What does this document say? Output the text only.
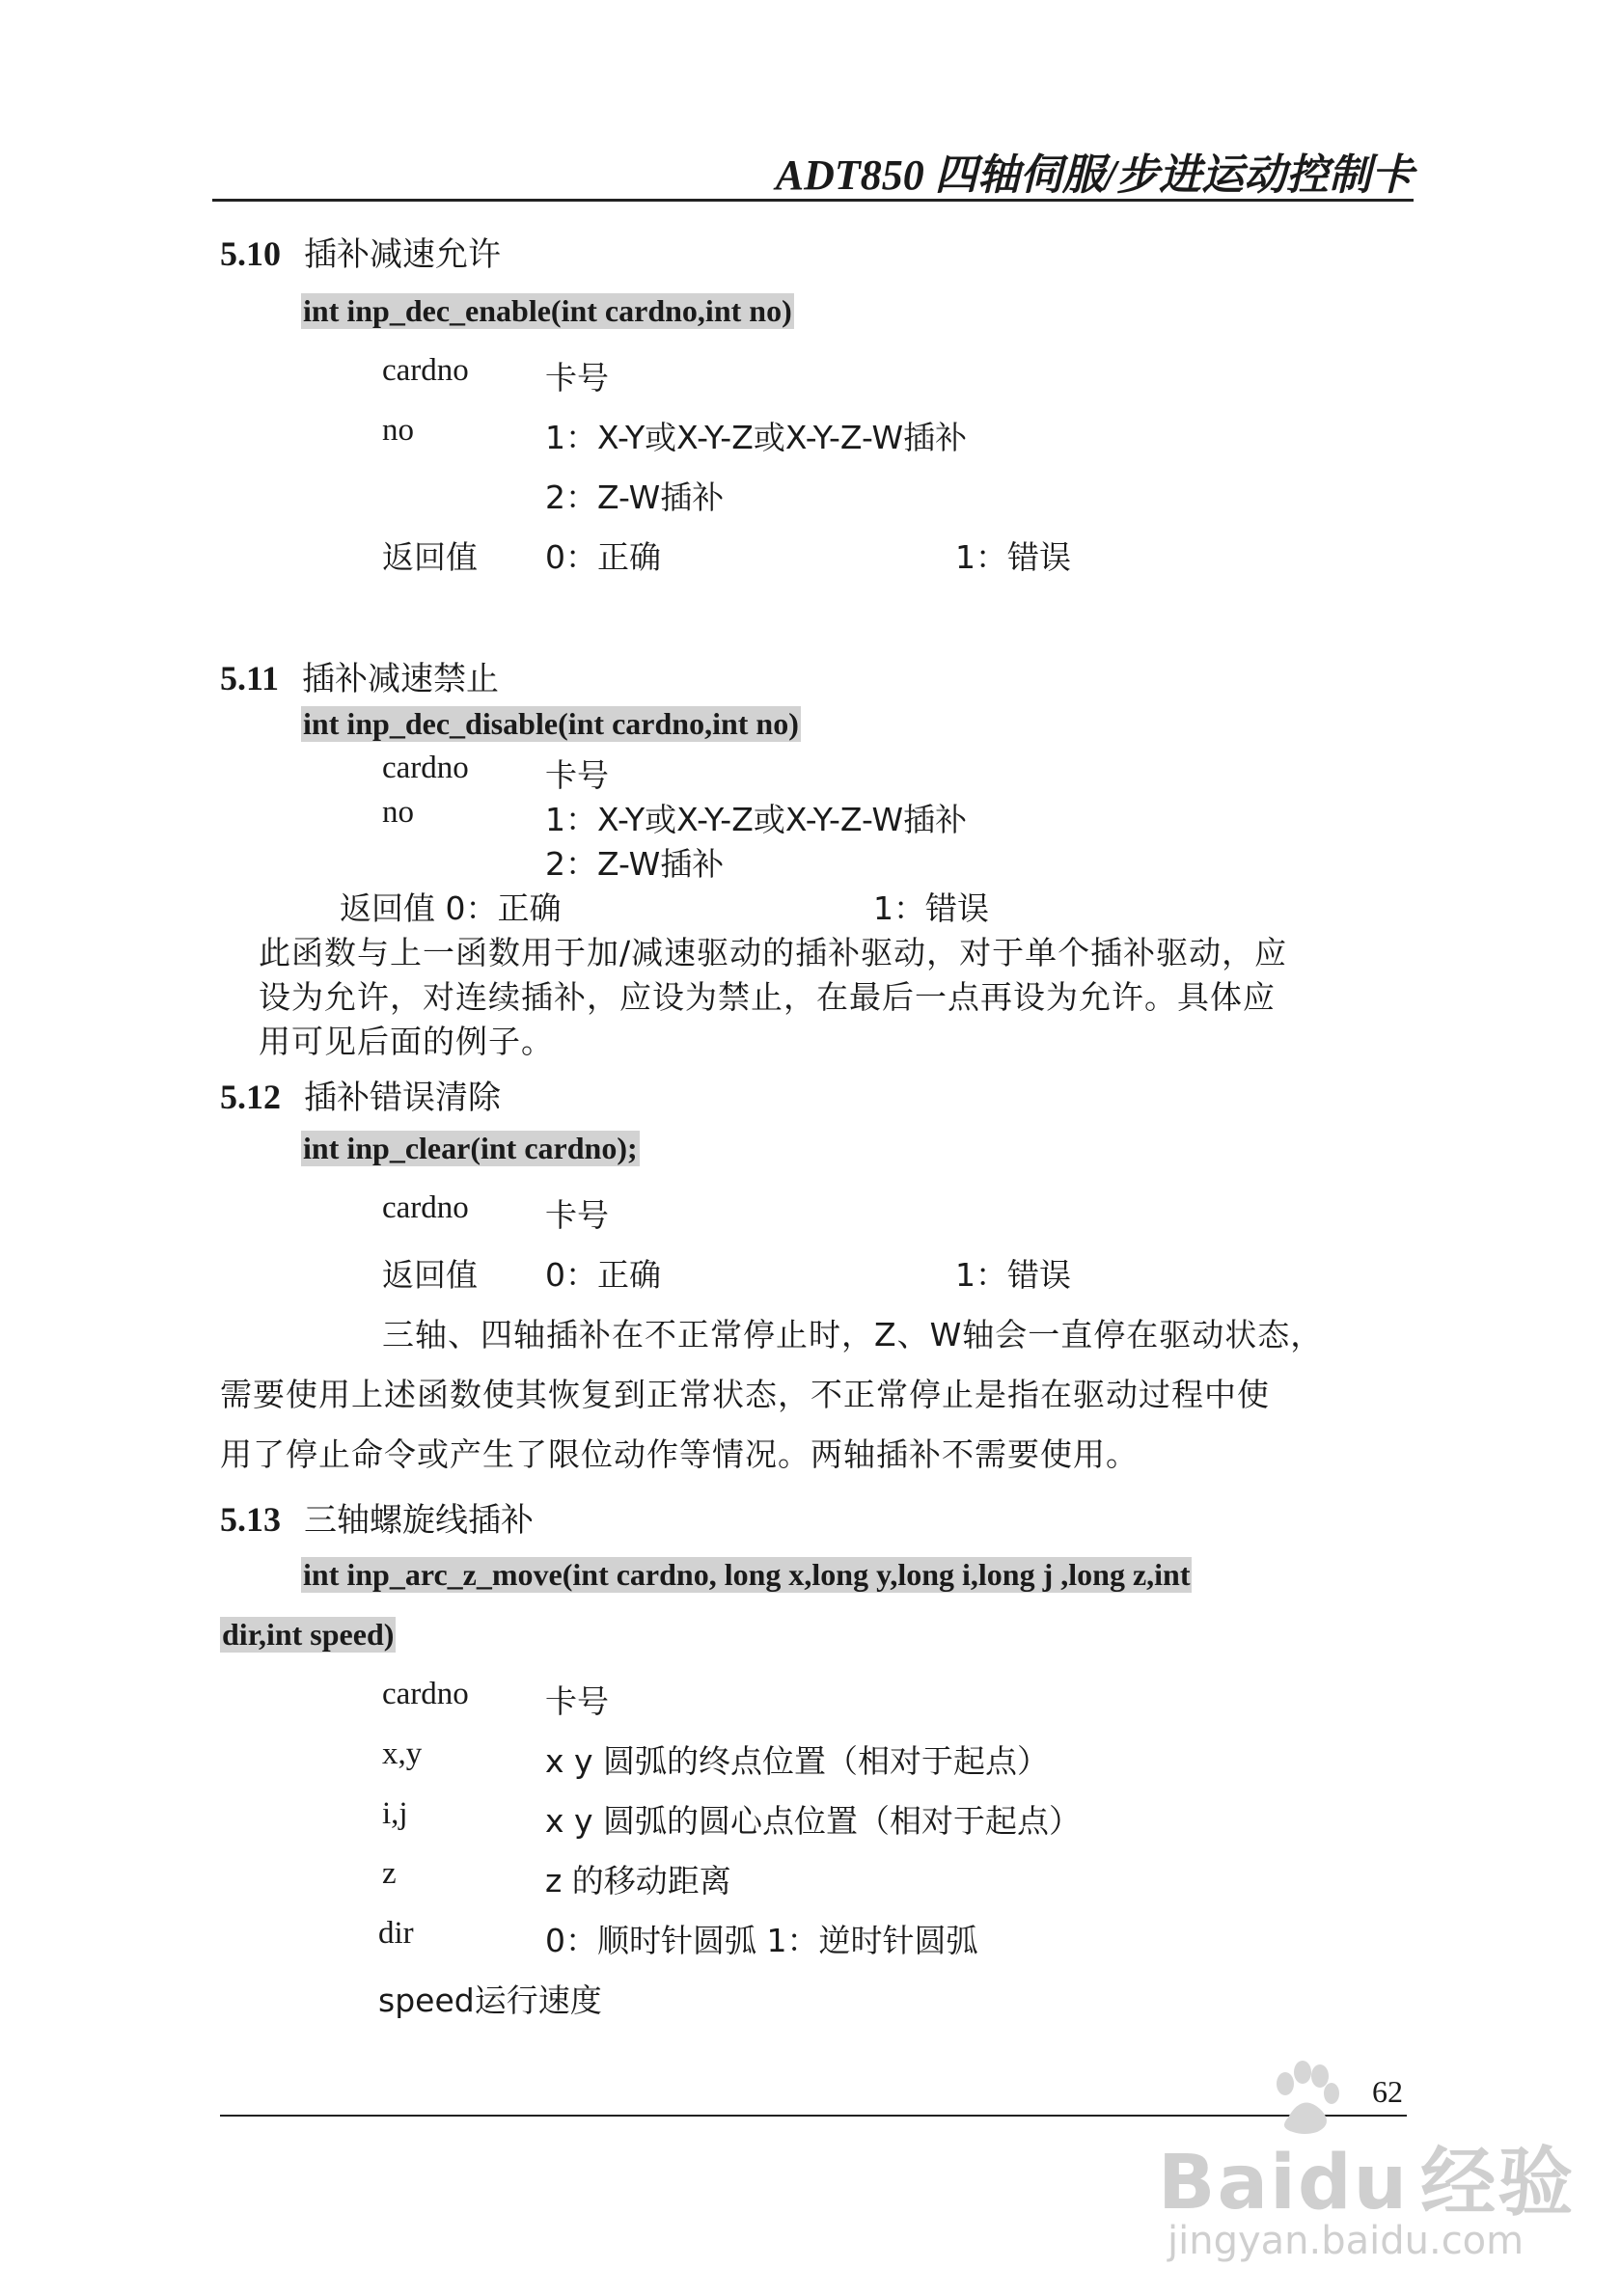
ADT850 四轴伺服/步进运动控制卡
5.10 插补减速允许
int inp_dec_enable(int cardno,int no)
cardno 卡号
no	1：X-Y或X-Y-Z或X-Y-Z-W插补
2：Z-W插补
返回值 0：正确	1：错误
5.11 插补减速禁止
int inp_dec_disable(int cardno,int no)
cardno 卡号
no	1：X-Y或X-Y-Z或X-Y-Z-W插补
2：Z-W插补
返回值 0：正确	1：错误
此函数与上一函数用于加/减速驱动的插补驱动，对于单个插补驱动，应
设为允许，对连续插补，应设为禁止，在最后一点再设为允许。具体应
用可见后面的例子。
5.12 插补错误清除
int inp_clear(int cardno);
cardno 卡号
返回值 0：正确	1：错误
三轴、四轴插补在不正常停止时，Z、W轴会一直停在驱动状态，
需要使用上述函数使其恢复到正常状态，不正常停止是指在驱动过程中使
用了停止命令或产生了限位动作等情况。两轴插补不需要使用。
5.13 三轴螺旋线插补
int inp_arc_z_move(int cardno, long x,long y,long i,long j ,long z,int
dir,int speed)
cardno 卡号
x,y	x y 圆弧的终点位置（相对于起点）
i,j	x y 圆弧的圆心点位置（相对于起点）
z	z 的移动距离
dir	0：顺时针圆弧 1：逆时针圆弧
speed运行速度
62
Baidu 经验
jingyan.baidu.com
